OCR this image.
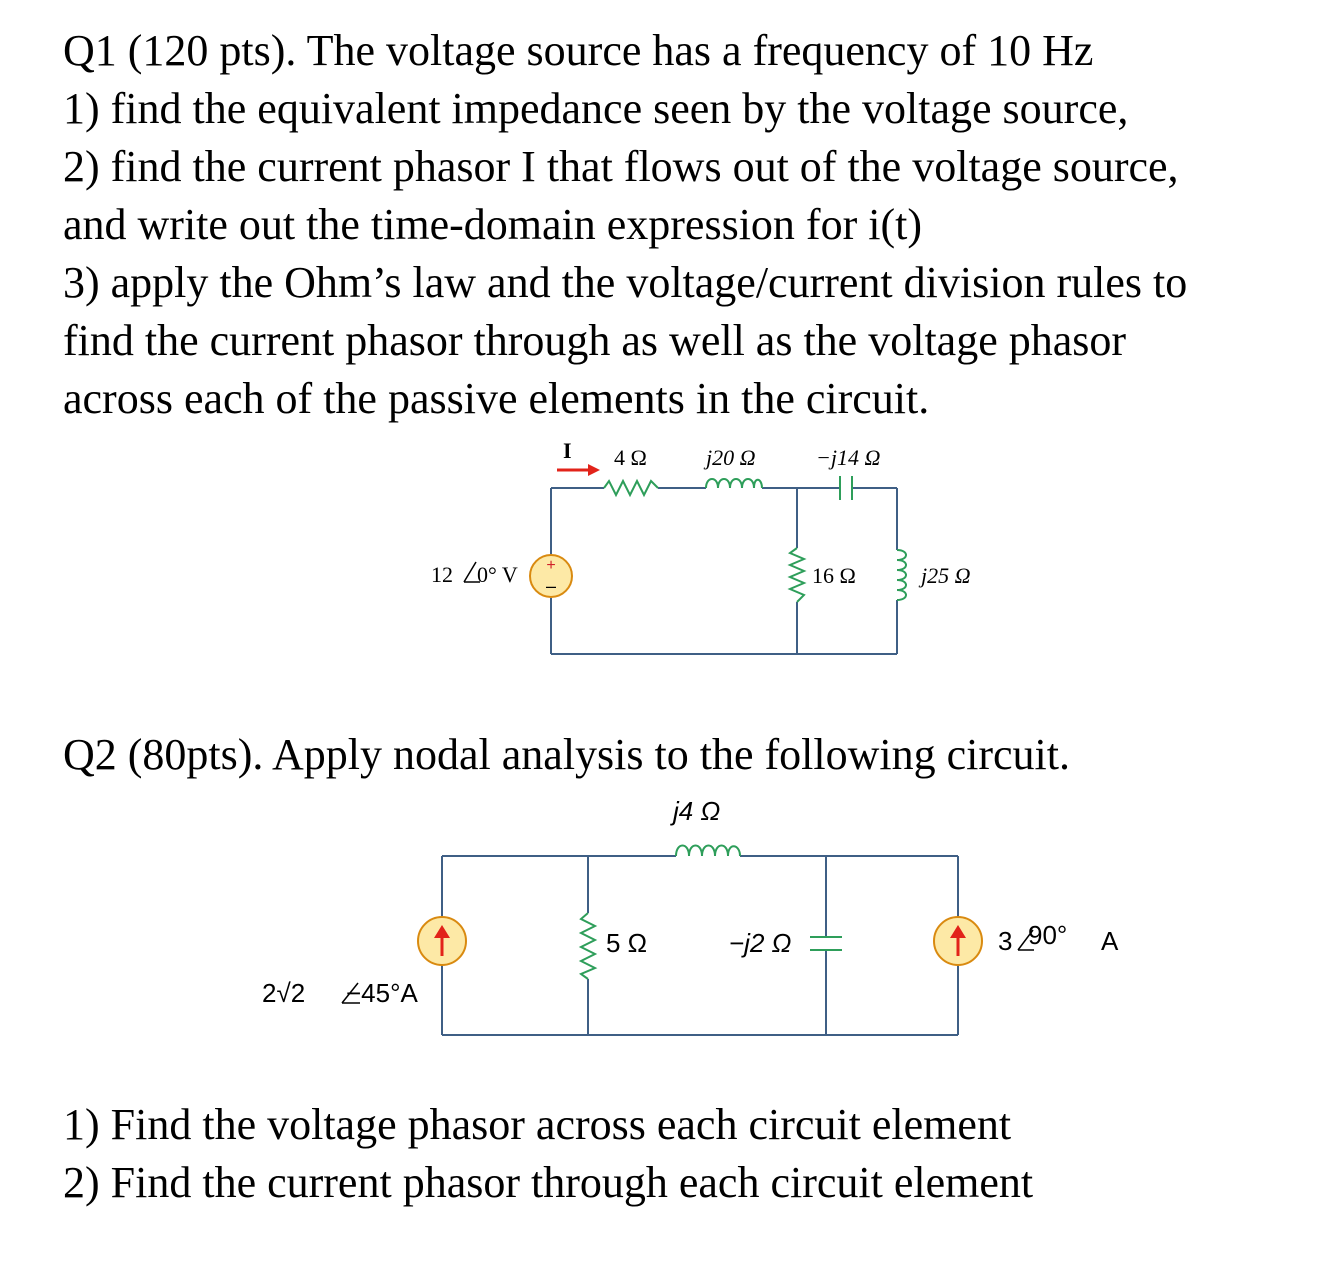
Q1 (120 pts). The voltage source has a frequency of 10 Hz
1) find the equivalent impedance seen by the voltage source,
2) find the current phasor I that flows out of the voltage source,
and write out the time-domain expression for i(t)
3) apply the Ohm’s law and the voltage/current division rules to
find the current phasor through as well as the voltage phasor
across each of the passive elements in the circuit.
+
–
I 4 Ω	j20 Ω	−j14 Ω
16 Ω	j25 Ω
12 0° V
Q2 (80pts). Apply nodal analysis to the following circuit.
j4 Ω
5 Ω	−j2 Ω
2√2 −45°A
3 90° A
1) Find the voltage phasor across each circuit element
2) Find the current phasor through each circuit element
